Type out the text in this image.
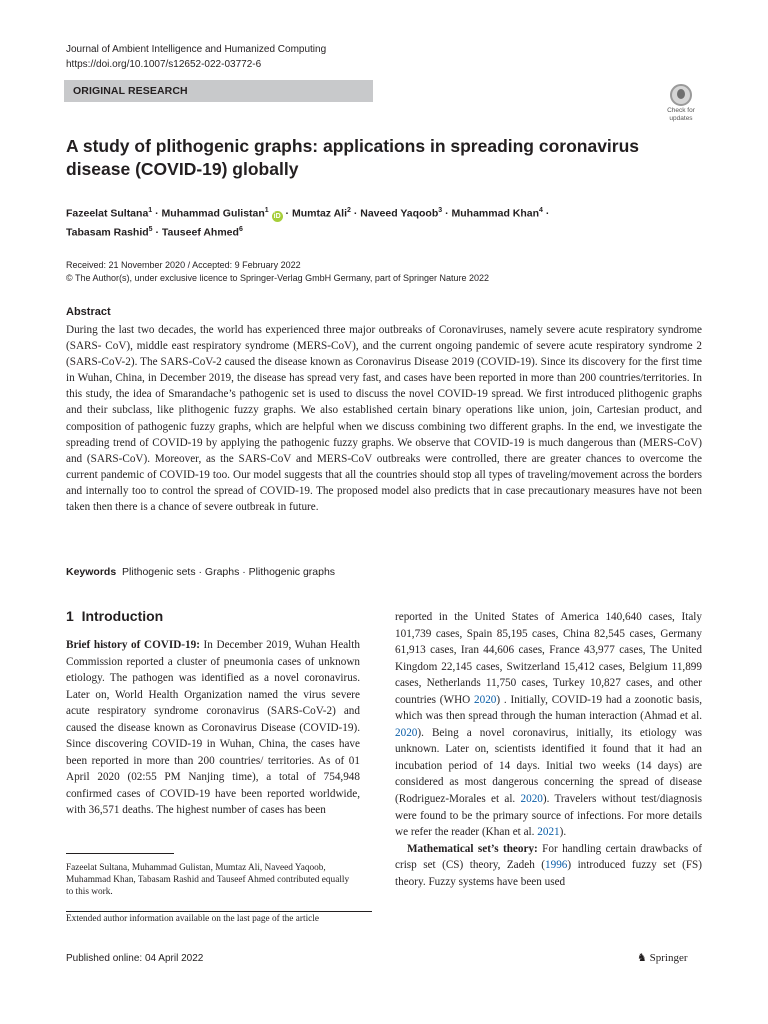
Journal of Ambient Intelligence and Humanized Computing
https://doi.org/10.1007/s12652-022-03772-6
ORIGINAL RESEARCH
Check for
updates
A study of plithogenic graphs: applications in spreading coronavirus disease (COVID-19) globally
Fazeelat Sultana$^1$ · Muhammad Gulistan$^1$ iD · Mumtaz Ali$^2$ · Naveed Yaqoob$^3$ · Muhammad Khan$^4$ ·
Tabasam Rashid$^5$ · Tauseef Ahmed$^6$
Received: 21 November 2020 / Accepted: 9 February 2022
© The Author(s), under exclusive licence to Springer-Verlag GmbH Germany, part of Springer Nature 2022
Abstract
During the last two decades, the world has experienced three major outbreaks of Coronaviruses, namely severe acute respiratory syndrome (SARS- CoV), middle east respiratory syndrome (MERS-CoV), and the current ongoing pandemic of severe acute respiratory syndrome 2 (SARS-CoV-2). The SARS-CoV-2 caused the disease known as Coronavirus Disease 2019 (COVID-19). Since its discovery for the first time in Wuhan, China, in December 2019, the disease has spread very fast, and cases have been reported in more than 200 countries/territories. In this study, the idea of Smarandache’s pathogenic set is used to discuss the novel COVID-19 spread. We first introduced plithogenic graphs and their subclass, like plithogenic fuzzy graphs. We also established certain binary operations like union, join, Cartesian product, and composition of pathogenic fuzzy graphs, which are helpful when we discuss combining two different graphs. In the end, we investigate the spreading trend of COVID-19 by applying the pathogenic fuzzy graphs. We observe that COVID-19 is much dangerous than (MERS-CoV) and (SARS-CoV). Moreover, as the SARS-CoV and MERS-CoV outbreaks were controlled, there are greater chances to overcome the current pandemic of COVID-19 too. Our model suggests that all the countries should stop all types of traveling/movement across the borders and internally too to control the spread of COVID-19. The proposed model also predicts that in case precautionary measures have not been taken then there is a chance of severe outbreak in future.
Keywords Plithogenic sets · Graphs · Plithogenic graphs
1 Introduction

Brief history of COVID-19: In December 2019, Wuhan Health Commission reported a cluster of pneumonia cases of unknown etiology. The pathogen was identified as a novel coronavirus. Later on, World Health Organization named the virus severe acute respiratory syndrome coronavirus (SARS-CoV-2) and caused the disease known as Coronavirus Disease (COVID-19). Since discovering COVID-19 in Wuhan, China, the cases have been reported in more than 200 countries/ territories. As of 01 April 2020 (02:55 PM Nanjing time), a total of 754,948 confirmed cases of COVID-19 have been reported worldwide, with 36,571 deaths. The highest number of cases has been

reported in the United States of America 140,640 cases, Italy 101,739 cases, Spain 85,195 cases, China 82,545 cases, Germany 61,913 cases, Iran 44,606 cases, France 43,977 cases, The United Kingdom 22,145 cases, Switzerland 15,412 cases, Belgium 11,899 cases, Netherlands 11,750 cases, Turkey 10,827 cases, and other countries (WHO 2020) . Initially, COVID-19 had a zoonotic basis, which was then spread through the human interaction (Ahmad et al. 2020). Being a novel coronavirus, initially, its etiology was unknown. Later on, scientists identified it found that it had an incubation period of 14 days. Initial two weeks (14 days) are considered as most dangerous concerning the spread of disease (Rodriguez-Morales et al. 2020). Travelers without test/diagnosis were found to be the primary source of infections. For more details we refer the reader (Khan et al. 2021).

Mathematical set’s theory: For handling certain drawbacks of crisp set (CS) theory, Zadeh (1996) introduced fuzzy set (FS) theory. Fuzzy systems have been used

Fazeelat Sultana, Muhammad Gulistan, Mumtaz Ali, Naveed Yaqoob, Muhammad Khan, Tabasam Rashid and Tauseef Ahmed contributed equally to this work.
Extended author information available on the last page of the article
Published online: 04 April 2022	♞ Springer
